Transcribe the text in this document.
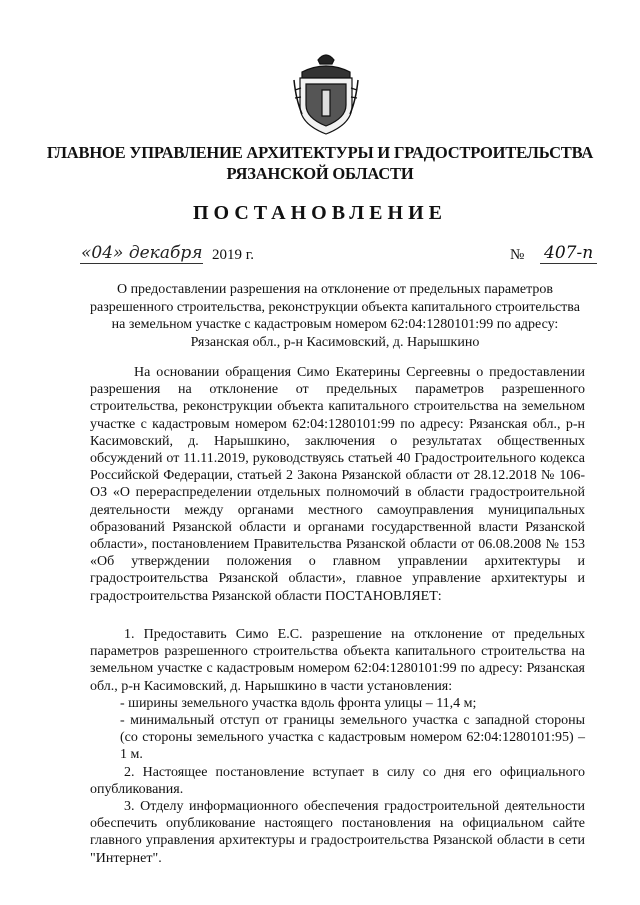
ГЛАВНОЕ УПРАВЛЕНИЕ АРХИТЕКТУРЫ И ГРАДОСТРОИТЕЛЬСТВА
РЯЗАНСКОЙ ОБЛАСТИ
ПОСТАНОВЛЕНИЕ
«04» декабря 2019 г.	№ 407-п
О предоставлении разрешения на отклонение от предельных параметров разрешенного строительства, реконструкции объекта капитального строительства на земельном участке с кадастровым номером 62:04:1280101:99 по адресу: Рязанская обл., р-н Касимовский, д. Нарышкино

На основании обращения Симо Екатерины Сергеевны о предоставлении разрешения на отклонение от предельных параметров разрешенного строительства, реконструкции объекта капитального строительства на земельном участке с кадастровым номером 62:04:1280101:99 по адресу: Рязанская обл., р-н Касимовский, д. Нарышкино, заключения о результатах общественных обсуждений от 11.11.2019, руководствуясь статьей 40 Градостроительного кодекса Российской Федерации, статьей 2 Закона Рязанской области от 28.12.2018 № 106-ОЗ «О перераспределении отдельных полномочий в области градостроительной деятельности между органами местного самоуправления муниципальных образований Рязанской области и органами государственной власти Рязанской области», постановлением Правительства Рязанской области от 06.08.2008 № 153 «Об утверждении положения о главном управлении архитектуры и градостроительства Рязанской области», главное управление архитектуры и градостроительства Рязанской области ПОСТАНОВЛЯЕТ:

1. Предоставить Симо Е.С. разрешение на отклонение от предельных параметров разрешенного строительства объекта капитального строительства на земельном участке с кадастровым номером 62:04:1280101:99 по адресу: Рязанская обл., р-н Касимовский, д. Нарышкино в части установления:

- ширины земельного участка вдоль фронта улицы – 11,4 м;

- минимальный отступ от границы земельного участка с западной стороны (со стороны земельного участка с кадастровым номером 62:04:1280101:95) – 1 м.

2. Настоящее постановление вступает в силу со дня его официального опубликования.

3. Отделу информационного обеспечения градостроительной деятельности обеспечить опубликование настоящего постановления на официальном сайте главного управления архитектуры и градостроительства Рязанской области в сети "Интернет".
